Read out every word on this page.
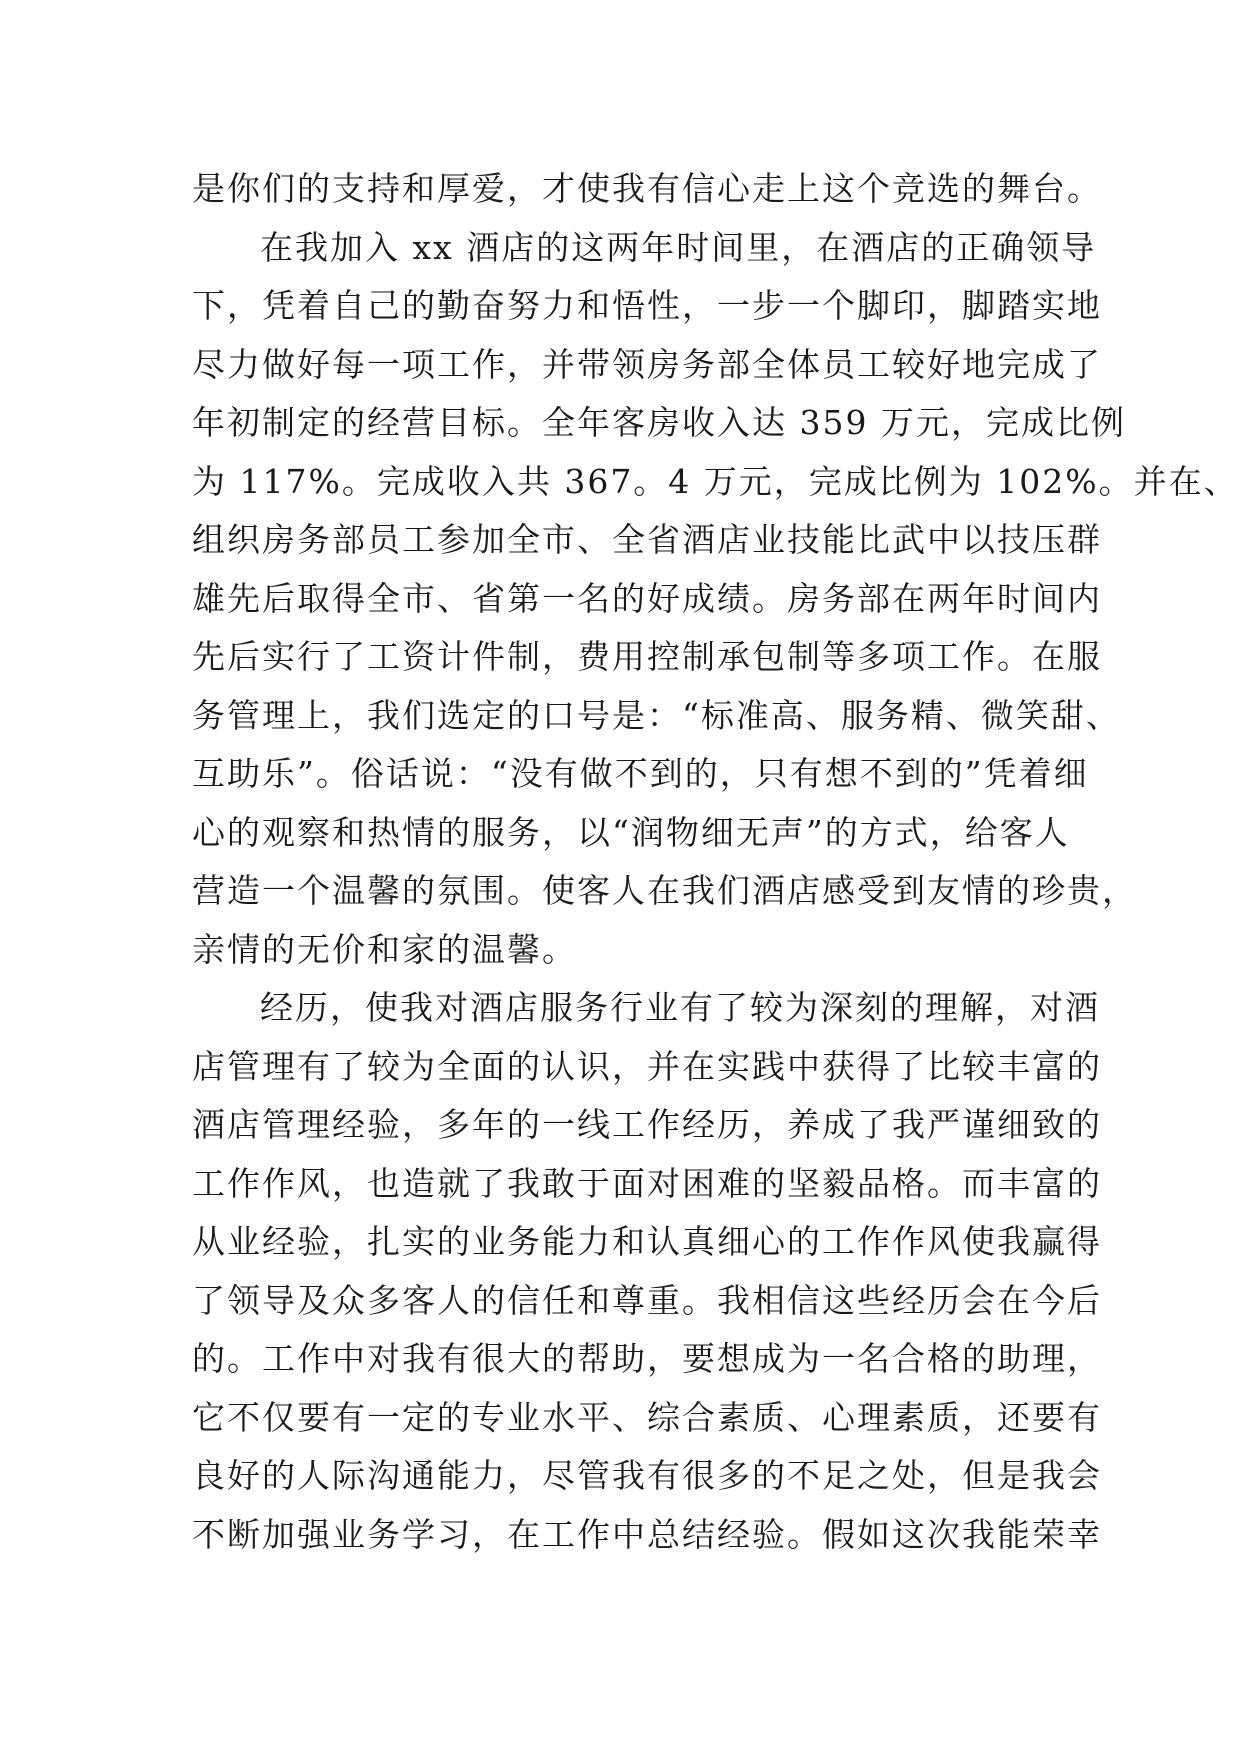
是你们的支持和厚爱，才使我有信心走上这个竞选的舞台。
在我加入 xx 酒店的这两年时间里，在酒店的正确领导
下，凭着自己的勤奋努力和悟性，一步一个脚印，脚踏实地
尽力做好每一项工作，并带领房务部全体员工较好地完成了
年初制定的经营目标。全年客房收入达 359 万元，完成比例
为 117%。完成收入共 367。4 万元，完成比例为 102%。并在、
组织房务部员工参加全市、全省酒店业技能比武中以技压群
雄先后取得全市、省第一名的好成绩。房务部在两年时间内
先后实行了工资计件制，费用控制承包制等多项工作。在服
务管理上，我们选定的口号是：“标准高、服务精、微笑甜、
互助乐”。俗话说：“没有做不到的，只有想不到的”凭着细
心的观察和热情的服务，以“润物细无声”的方式，给客人
营造一个温馨的氛围。使客人在我们酒店感受到友情的珍贵，
亲情的无价和家的温馨。
经历，使我对酒店服务行业有了较为深刻的理解，对酒
店管理有了较为全面的认识，并在实践中获得了比较丰富的
酒店管理经验，多年的一线工作经历，养成了我严谨细致的
工作作风，也造就了我敢于面对困难的坚毅品格。而丰富的
从业经验，扎实的业务能力和认真细心的工作作风使我赢得
了领导及众多客人的信任和尊重。我相信这些经历会在今后
的。工作中对我有很大的帮助，要想成为一名合格的助理，
它不仅要有一定的专业水平、综合素质、心理素质，还要有
良好的人际沟通能力，尽管我有很多的不足之处，但是我会
不断加强业务学习，在工作中总结经验。假如这次我能荣幸
